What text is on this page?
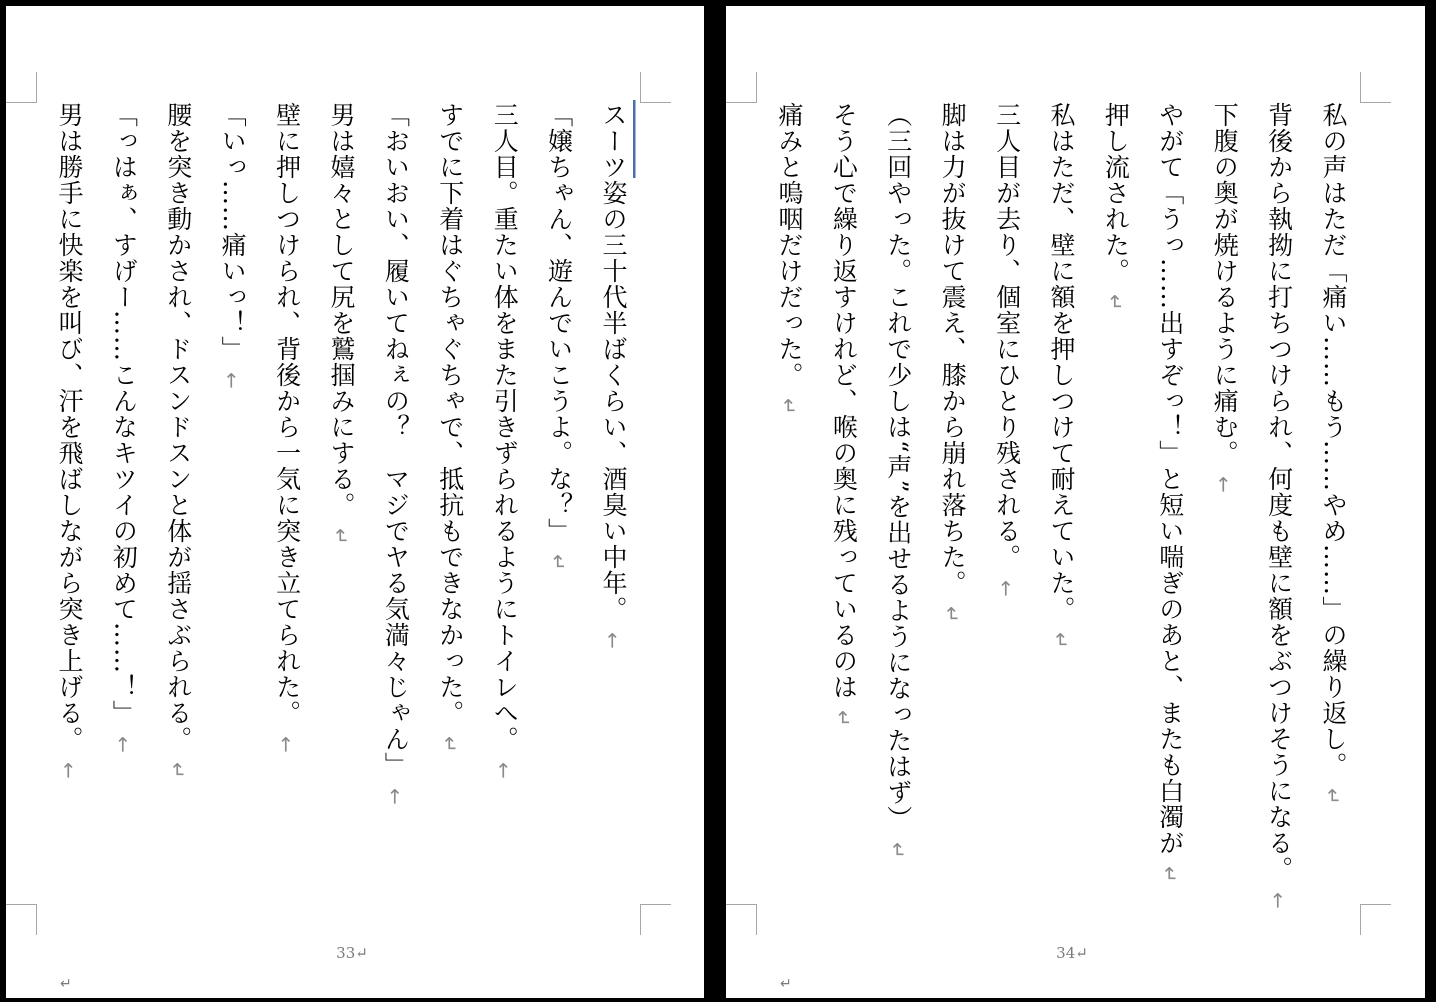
スーツ姿の三十代半ばくらい、酒臭い中年。←

「嬢ちゃん、遊んでいこうよ。な？」↵

三人目。重たい体をまた引きずられるようにトイレへ。←

すでに下着はぐちゃぐちゃで、抵抗もできなかった。↵

「おいおい、履いてねぇの？　マジでヤる気満々じゃん」←

男は嬉々として尻を鷲掴みにする。↵

壁に押しつけられ、背後から一気に突き立てられた。←

「いっ……痛いっ！」←

腰を突き動かされ、ドスンドスンと体が揺さぶられる。↵

「っはぁ、すげー……こんなキツイの初めて……！」←

男は勝手に快楽を叫び、汗を飛ばしながら突き上げる。←

33↵
↵

私の声はただ「痛い……もう……やめ……」の繰り返し。↵

背後から執拗に打ちつけられ、何度も壁に額をぶつけそうになる。←

下腹の奥が焼けるように痛む。←

やがて「うっ……出すぞっ！」と短い喘ぎのあと、またも白濁が↵

押し流された。↵

私はただ、壁に額を押しつけて耐えていた。↵

三人目が去り、個室にひとり残される。←

脚は力が抜けて震え、膝から崩れ落ちた。↵

（三回やった。これで少しは“声”を出せるようになったはず）↵

そう心で繰り返すけれど、喉の奥に残っているのは↵

痛みと嗚咽だけだった。↵

34↵
↵
